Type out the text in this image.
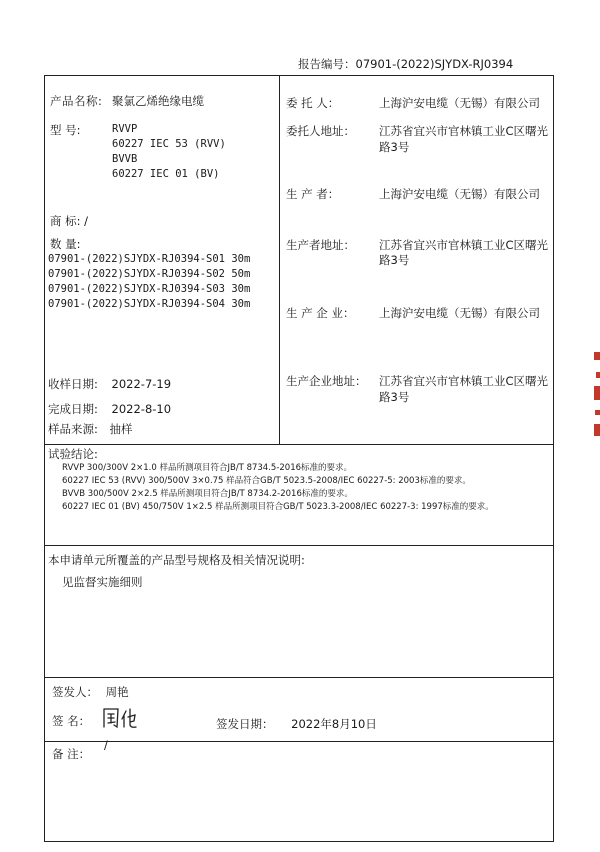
报告编号：07901-(2022)SJYDX-RJ0394
产品名称: 聚氯乙烯绝缘电缆
型 号:	RVVP
60227 IEC 53 (RVV)
BVVB
60227 IEC 01 (BV)
商 标: /
数 量:
07901-(2022)SJYDX-RJ0394-S01 30m
07901-(2022)SJYDX-RJ0394-S02 50m
07901-(2022)SJYDX-RJ0394-S03 30m
07901-(2022)SJYDX-RJ0394-S04 30m
收样日期: 2022-7-19
完成日期: 2022-8-10
样品来源: 抽样
委 托 人：	上海沪安电缆（无锡）有限公司
委托人地址： 江苏省宜兴市官林镇工业C区曙光
路3号
生 产 者：	上海沪安电缆（无锡）有限公司
生产者地址： 江苏省宜兴市官林镇工业C区曙光
路3号
生 产 企 业： 上海沪安电缆（无锡）有限公司
生产企业地址： 江苏省宜兴市官林镇工业C区曙光
路3号
试验结论:
RVVP 300/300V 2×1.0 样品所测项目符合JB/T 8734.5-2016标准的要求。
60227 IEC 53 (RVV) 300/500V 3×0.75 样品符合GB/T 5023.5-2008/IEC 60227-5: 2003标准的要求。
BVVB 300/500V 2×2.5 样品所测项目符合JB/T 8734.2-2016标准的要求。
60227 IEC 01 (BV) 450/750V 1×2.5 样品所测项目符合GB/T 5023.3-2008/IEC 60227-3: 1997标准的要求。
本申请单元所覆盖的产品型号规格及相关情况说明:
见监督实施细则
签发人： 周艳
签 名：	签发日期： 2022年8月10日
备 注：
/
